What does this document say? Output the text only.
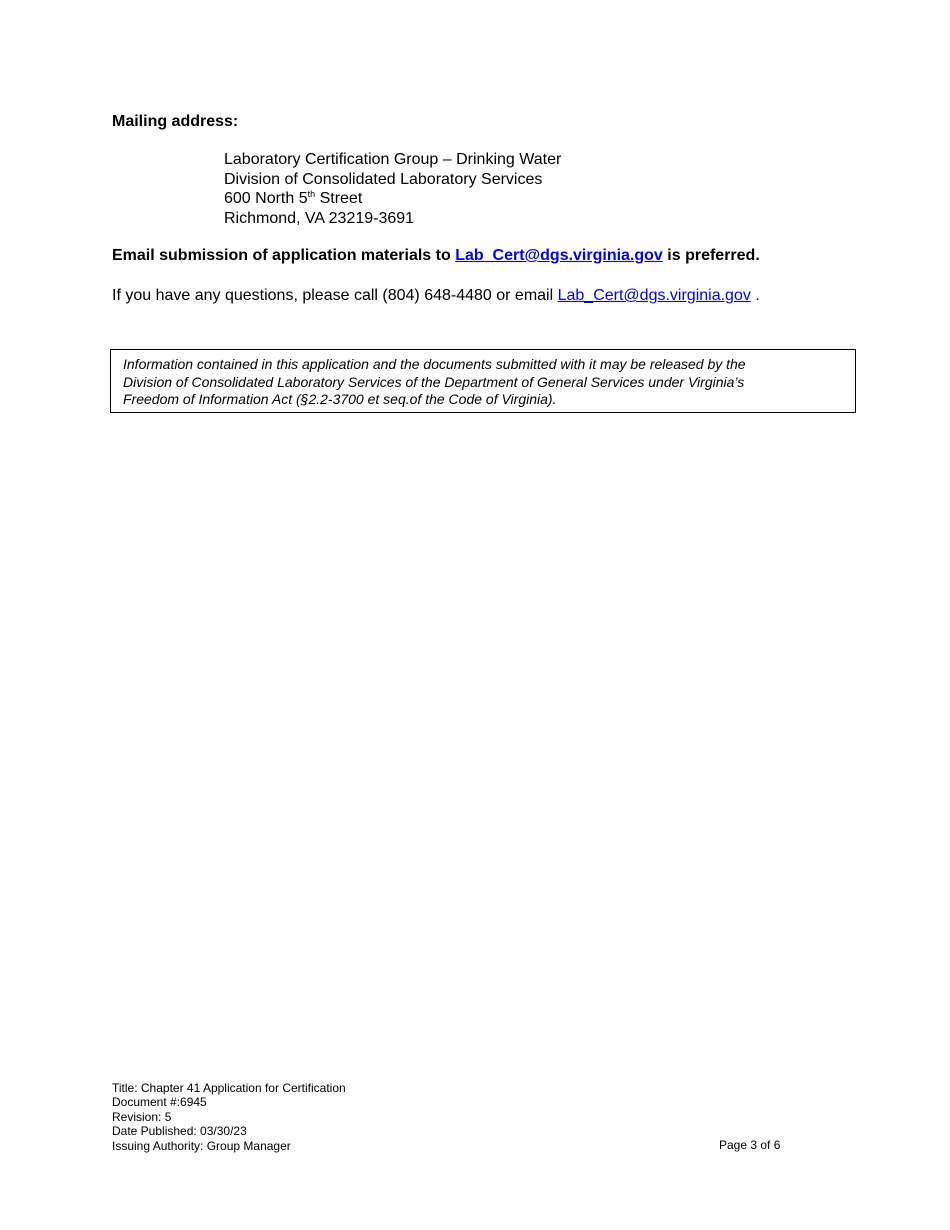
Mailing address:
Laboratory Certification Group – Drinking Water
Division of Consolidated Laboratory Services
600 North 5th Street
Richmond, VA 23219-3691
Email submission of application materials to Lab_Cert@dgs.virginia.gov is preferred.
If you have any questions, please call (804) 648-4480 or email Lab_Cert@dgs.virginia.gov .
Information contained in this application and the documents submitted with it may be released by the
Division of Consolidated Laboratory Services of the Department of General Services under Virginia’s
Freedom of Information Act (§2.2-3700 et seq.of the Code of Virginia).
Title: Chapter 41 Application for Certification
Document #:6945
Revision: 5
Date Published: 03/30/23
Issuing Authority: Group Manager	Page 3 of 6
